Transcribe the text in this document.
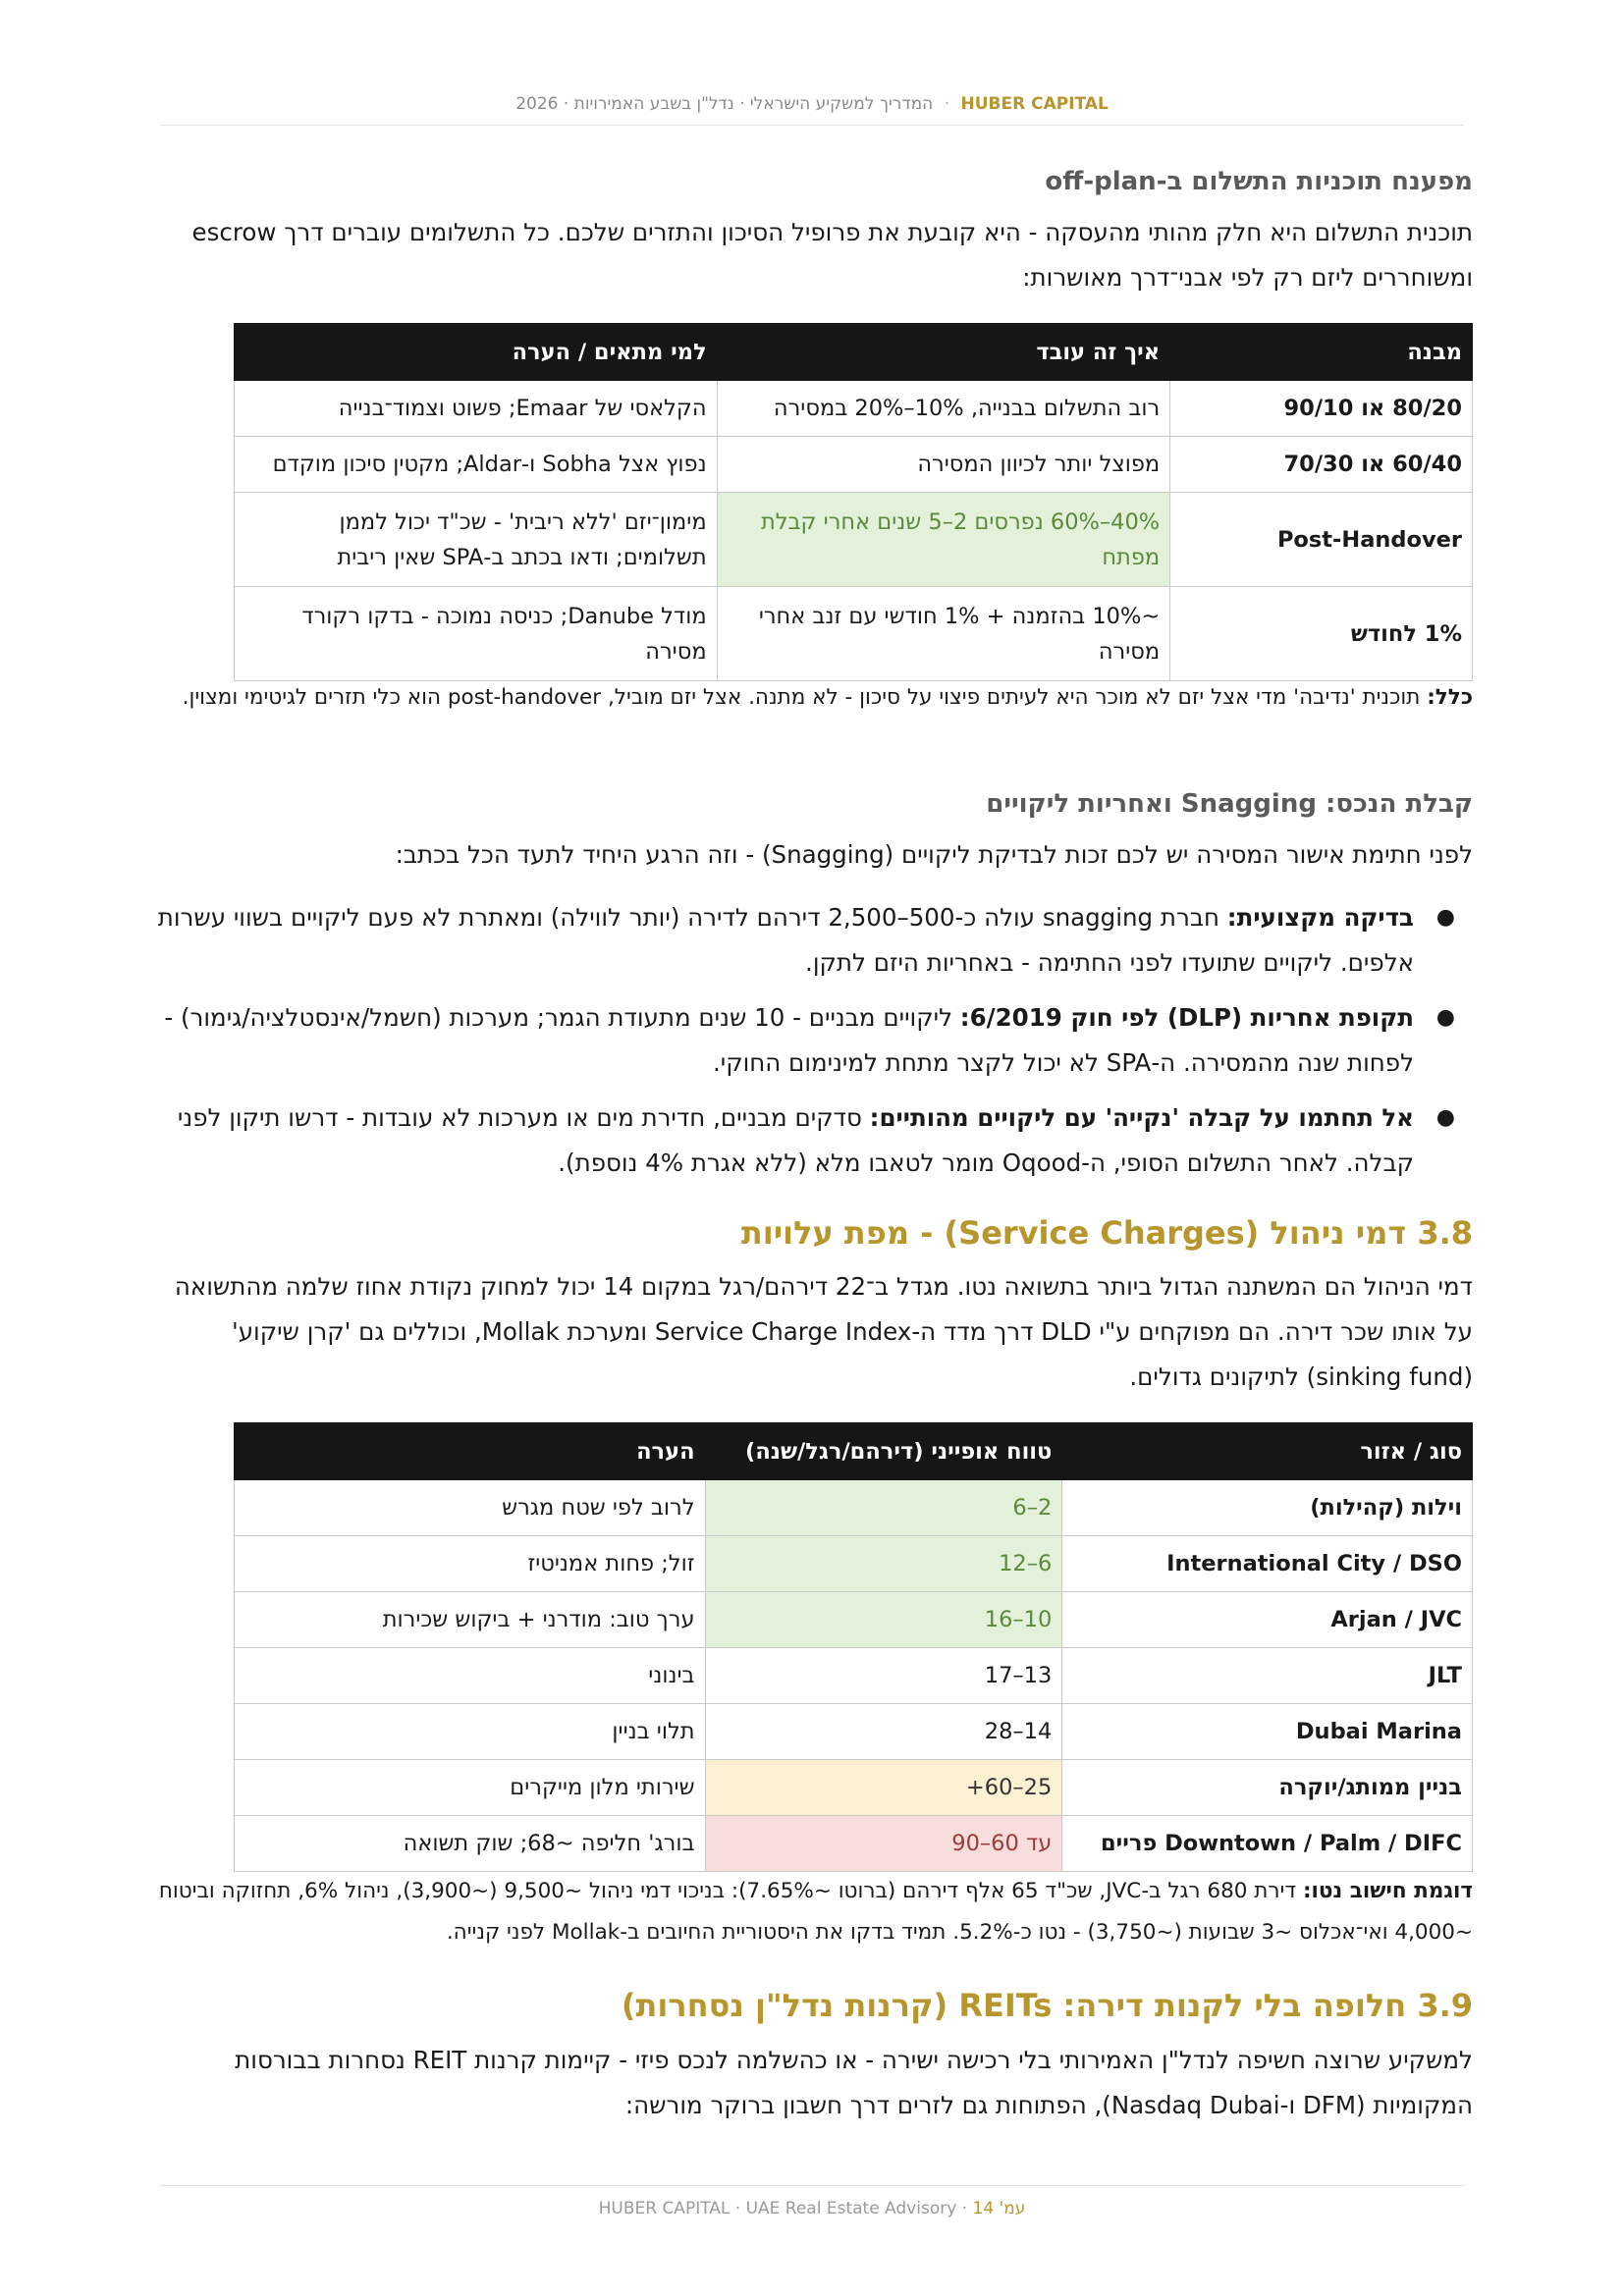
HUBER CAPITAL · המדריך למשקיע הישראלי · נדל"ן בשבע האמירויות · 2026
מפענח תוכניות התשלום ב-off-plan

תוכנית התשלום היא חלק מהותי מהעסקה - היא קובעת את פרופיל הסיכון והתזרים שלכם. כל התשלומים עוברים דרך escrow ומשוחררים ליזם רק לפי אבני־דרך מאושרות:

מבנה	איך זה עובד	למי מתאים / הערה
80/20 או 90/10	רוב התשלום בבנייה, 10%–20% במסירה	הקלאסי של Emaar; פשוט וצמוד־בנייה
60/40 או 70/30	מפוצל יותר לכיוון המסירה	נפוץ אצל Sobha ו-Aldar; מקטין סיכון מוקדם
Post-Handover	40%–60% נפרסים 2–5 שנים אחרי קבלת מפתח	מימון־יזם 'ללא ריבית' - שכ"ד יכול לממן תשלומים; ודאו בכתב ב-SPA שאין ריבית
1% לחודש	~10% בהזמנה + 1% חודשי עם זנב אחרי מסירה	מודל Danube; כניסה נמוכה - בדקו רקורד מסירה

כלל: תוכנית 'נדיבה' מדי אצל יזם לא מוכר היא לעיתים פיצוי על סיכון - לא מתנה. אצל יזם מוביל, post-handover הוא כלי תזרים לגיטימי ומצוין.

קבלת הנכס: Snagging ואחריות ליקויים

לפני חתימת אישור המסירה יש לכם זכות לבדיקת ליקויים (Snagging) - וזה הרגע היחיד לתעד הכל בכתב:

●
בדיקה מקצועית: חברת snagging עולה כ-500–2,500 דירהם לדירה (יותר לווילה) ומאתרת לא פעם ליקויים בשווי עשרות אלפים. ליקויים שתועדו לפני החתימה - באחריות היזם לתקן.
●
תקופת אחריות (DLP) לפי חוק 6/2019: ליקויים מבניים - 10 שנים מתעודת הגמר; מערכות (חשמל/אינסטלציה/גימור) - לפחות שנה מהמסירה. ה-SPA לא יכול לקצר מתחת למינימום החוקי.
●
אל תחתמו על קבלה 'נקייה' עם ליקויים מהותיים: סדקים מבניים, חדירת מים או מערכות לא עובדות - דרשו תיקון לפני קבלה. לאחר התשלום הסופי, ה-Oqood מומר לטאבו מלא (ללא אגרת 4% נוספת).
3.8 דמי ניהול (Service Charges) - מפת עלויות

דמי הניהול הם המשתנה הגדול ביותר בתשואה נטו. מגדל ב־22 דירהם/רגל במקום 14 יכול למחוק נקודת אחוז שלמה מהתשואה על אותו שכר דירה. הם מפוקחים ע"י DLD דרך מדד ה-Service Charge Index ומערכת Mollak, וכוללים גם 'קרן שיקוע' (sinking fund) לתיקונים גדולים.

סוג / אזור	טווח אופייני (דירהם/רגל/שנה)	הערה
וילות (קהילות)	2–6	לרוב לפי שטח מגרש
International City / DSO	6–12	זול; פחות אמניטיז
Arjan / JVC	10–16	ערך טוב: מודרני + ביקוש שכירות
JLT	13–17	בינוני
Dubai Marina	14–28	תלוי בניין
בניין ממותג/יוקרה	25–60+	שירותי מלון מייקרים
Downtown / Palm / DIFC פריים	עד 60–90	בורג' חליפה ~68; שוק תשואה

דוגמת חישוב נטו: דירת 680 רגל ב-JVC, שכ"ד 65 אלף דירהם (ברוטו ~7.65%): בניכוי דמי ניהול ~9,500 (~3,900), ניהול 6%, תחזוקה וביטוח ~4,000 ואי־אכלוס ~3 שבועות (~3,750) - נטו כ-5.2%. תמיד בדקו את היסטוריית החיובים ב-Mollak לפני קנייה.

3.9 חלופה בלי לקנות דירה: REITs (קרנות נדל"ן נסחרות)

למשקיע שרוצה חשיפה לנדל"ן האמירותי בלי רכישה ישירה - או כהשלמה לנכס פיזי - קיימות קרנות REIT נסחרות בבורסות המקומיות (DFM ו-Nasdaq Dubai), הפתוחות גם לזרים דרך חשבון ברוקר מורשה:

עמ' 14 · HUBER CAPITAL · UAE Real Estate Advisory
